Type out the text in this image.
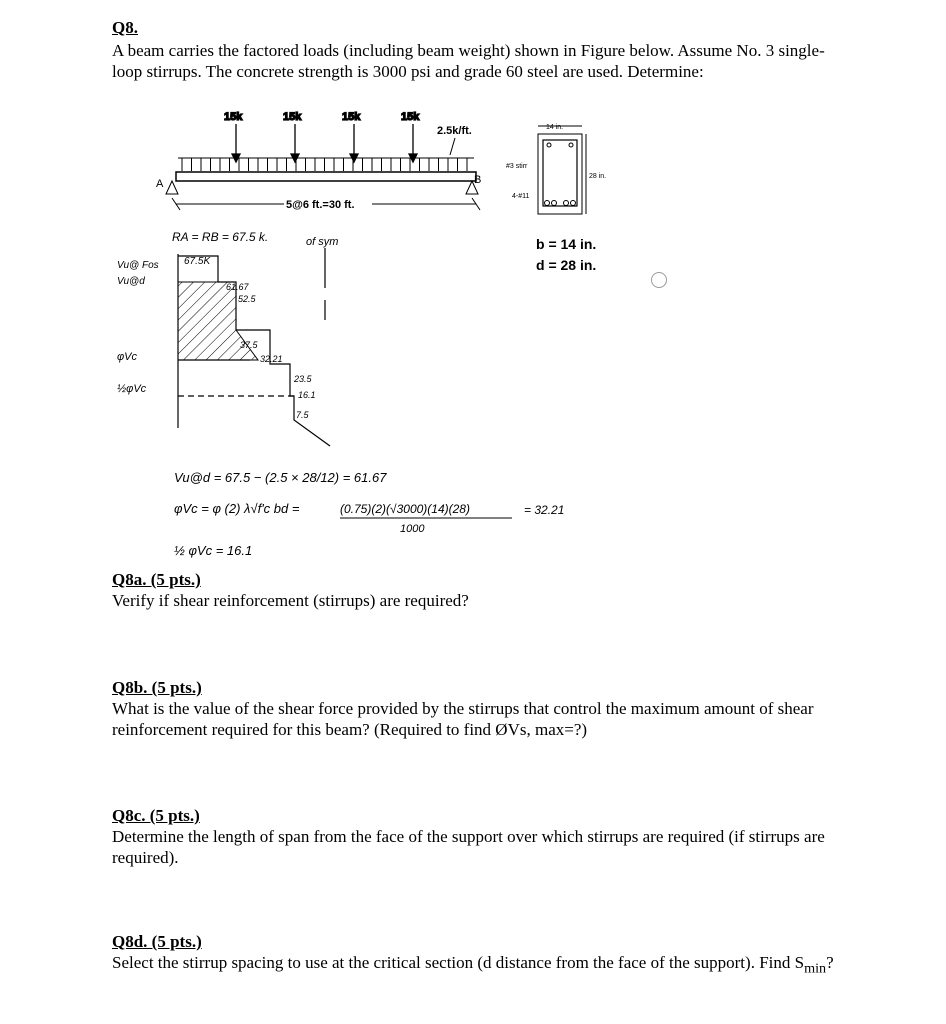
Q8.
A beam carries the factored loads (including beam weight) shown in Figure below. Assume No. 3 single-loop stirrups. The concrete strength is 3000 psi and grade 60 steel are used. Determine:
15k	15k	15k	15k
2.5k/ft.
A	B
5@6 ft.=30 ft.
14 in.
#3 stirr
4-#11
28 in.
RA = RB = 67.5 k.	of sym
Vu@ Fos
Vu@d
φVc
½φVc
67.5K
61.67
52.5
37.5
32.21
23.5
16.1
7.5
Vu@d = 67.5 − (2.5 × 28/12) = 61.67
φVc = φ (2) λ√f'c bd =	(0.75)(2)(√3000)(14)(28)
1000
= 32.21
½ φVc = 16.1
b = 14 in.
d = 28 in.
Q8a. (5 pts.)
Verify if shear reinforcement (stirrups) are required?
Q8b. (5 pts.)
What is the value of the shear force provided by the stirrups that control the maximum amount of shear reinforcement required for this beam? (Required to find ØVs, max=?)
Q8c. (5 pts.)
Determine the length of span from the face of the support over which stirrups are required (if stirrups are required).
Q8d. (5 pts.)
Select the stirrup spacing to use at the critical section (d distance from the face of the support). Find $S_{min}$?
